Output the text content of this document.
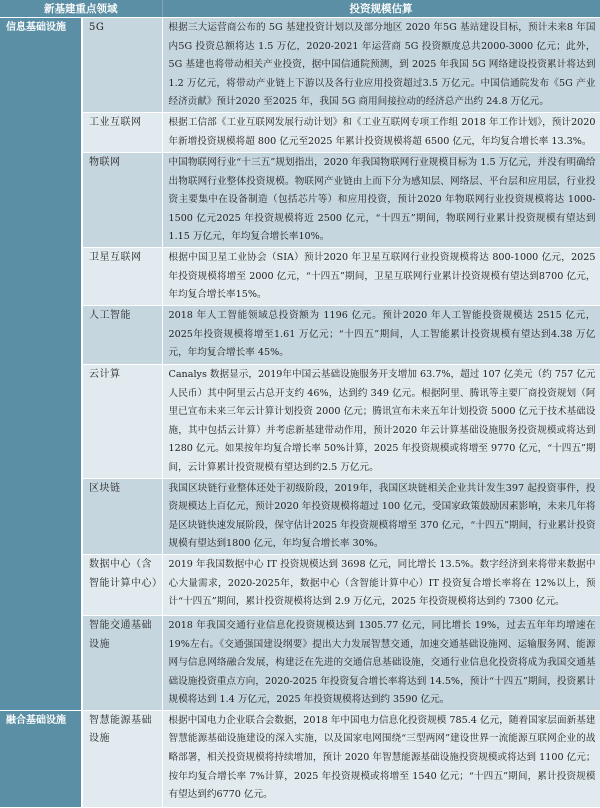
新基建重点领域		投资规模估算
信息基础设施	5G	根据三大运营商公布的 5G 基建投资计划以及部分地区 2020 年5G 基站建设目标，预计未来8 年国内5G 投资总额将达 1.5 万亿，2020-2021 年运营商 5G 投资额度总共2000-3000 亿元；此外，5G 基建也将带动相关产业投资，据中国信通院预测，到 2025 年我国 5G 网络建设投资累计将达到 1.2 万亿元，将带动产业链上下游以及各行业应用投资超过3.5 万亿元。中国信通院发布《5G 产业经济贡献》预计2020 至2025 年，我国 5G 商用间接拉动的经济总产出约 24.8 万亿元。
	工业互联网	根据工信部《工业互联网发展行动计划》和《工业互联网专项工作组 2018 年工作计划》，预计2020年新增投资规模将超 800 亿元至2025 年累计投资规模将超 6500 亿元，年均复合增长率 13.3%。
	物联网	中国物联网行业“十三五”规划指出，2020 年我国物联网行业规模目标为 1.5 万亿元，并没有明确给出物联网行业整体投资规模。物联网产业链由上而下分为感知层、网络层、平台层和应用层，行业投资主要集中在设备制造（包括芯片等）和应用投资，预计2020 年物联网行业投资规模将达 1000-1500 亿元2025 年投资规模将近 2500 亿元，“十四五”期间，物联网行业累计投资规模有望达到1.15 万亿元，年均复合增长率10%。
	卫星互联网	根据中国卫星工业协会（SIA）预计2020 年卫星互联网行业投资规模将达 800-1000 亿元，2025 年投资规模将增至 2000 亿元，“十四五”期间，卫星互联网行业累计投资规模有望达到8700 亿元，年均复合增长率15%。
	人工智能	2018 年人工智能领域总投资额为 1196 亿元。预计2020 年人工智能投资规模达 2515 亿元，2025年投资规模将增至1.61 万亿元；“十四五”期间，人工智能累计投资规模有望达到4.38 万亿元，年均复合增长率 45%。
	云计算	Canalys 数据显示，2019年中国云基础设施服务开支增加 63.7%，超过 107 亿美元（约 757 亿元人民币）其中阿里云占总开支约 46%，达到约 349 亿元。根据阿里、腾讯等主要厂商投资规划（阿里已宣布未来三年云计算计划投资 2000 亿元；腾讯宣布未来五年计划投资 5000 亿元于技术基础设施，其中包括云计算）并考虑新基建带动作用，预计2020 年云计算基础设施服务投资规模或将达到1280 亿元。如果按年均复合增长率 50%计算，2025 年投资规模或将增至 9770 亿元，“十四五”期间，云计算累计投资规模有望达到约2.5 万亿元。
	区块链	我国区块链行业整体还处于初级阶段，2019年，我国区块链相关企业共计发生397 起投资事件，投资规模达上百亿元，预计2020 年投资规模将超过 100 亿元，受国家政策鼓励因素影响，未来几年将是区块链快速发展阶段，保守估计2025 年投资规模将增至 370 亿元，“十四五”期间，行业累计投资规模有望达到1800 亿元，年均复合增长率 30%。
	数据中心（含智能计算中心）	2019 年我国数据中心 IT 投资规模达到 3698 亿元，同比增长 13.5%。数字经济到来将带来数据中心大量需求，2020-2025年，数据中心（含智能计算中心）IT 投资复合增长率将在 12%以上，预计“十四五”期间，累计投资规模将达到 2.9 万亿元，2025 年投资规模将达到约 7300 亿元。
	智能交通基础设施	2018 年我国交通行业信息化投资规模达到 1305.77 亿元，同比增长 19%，过去五年年均增速在19%左右。《交通强国建设纲要》提出大力发展智慧交通，加速交通基础设施网、运输服务网、能源网与信息网络融合发展，构建泛在先进的交通信息基础设施，交通行业信息化投资将成为我国交通基础设施投资重点方向，2020-2025 年投资复合增长率将达到 14.5%，预计“十四五”期间，投资累计规模将达到 1.4 万亿元，2025 年投资规模将达到约 3590 亿元。
融合基础设施	智慧能源基础设施	根据中国电力企业联合会数据，2018 年中国电力信息化投资规模 785.4 亿元，随着国家层面新基建智慧能源基础设施建设的深入实施，以及国家电网围绕“三型两网”建设世界一流能源互联网企业的战略部署，相关投资规模将持续增加，预计 2020 年智慧能源基础设施投资规模或将达到 1100 亿元；按年均复合增长率 7%计算，2025 年投资规模或将增至 1540 亿元；“十四五”期间，累计投资规模有望达到约6770 亿元。
